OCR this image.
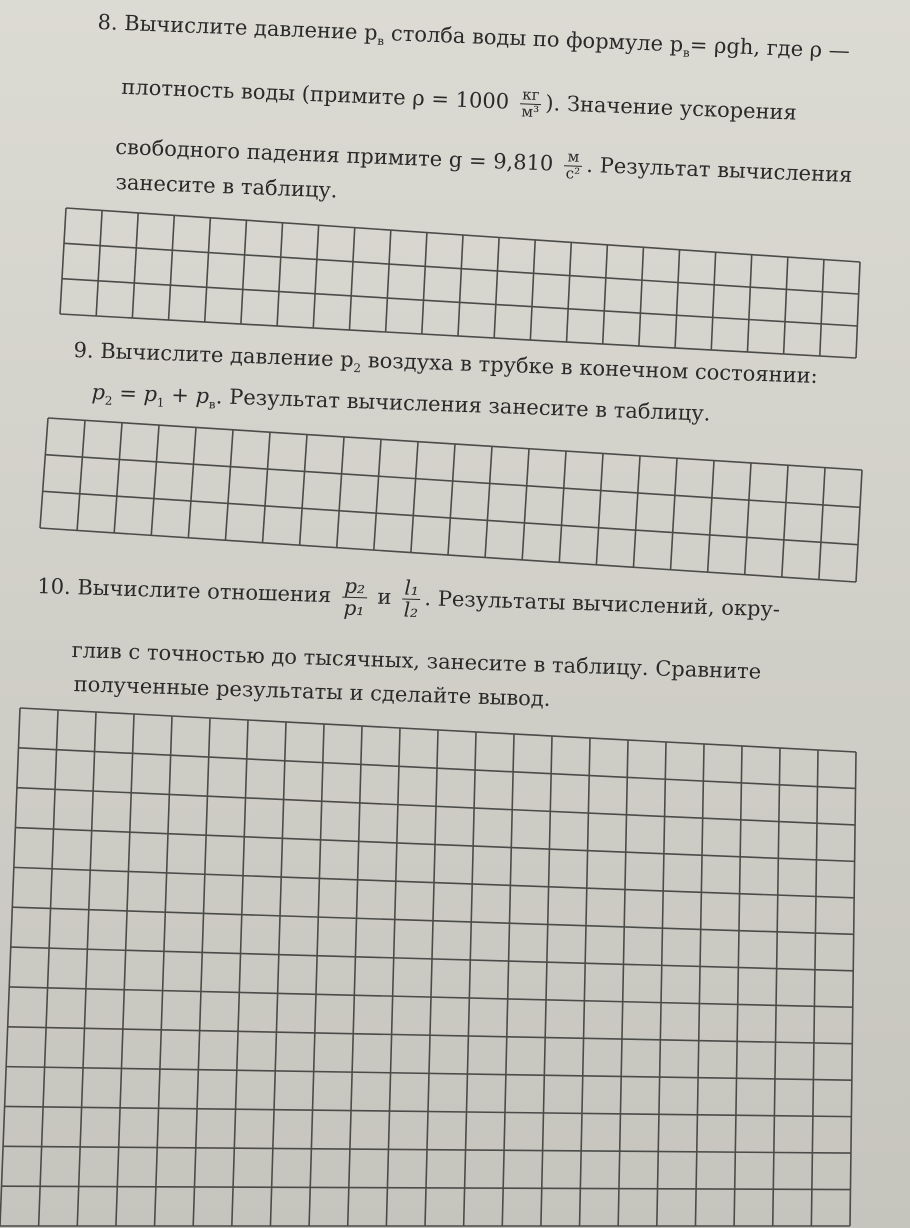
8. Вычислите давление $p_в$ столба воды по формуле $p_в= \rho gh$, где ρ —
плотность воды (примите $\rho = 1000 \frac{кг}{\text{м³}}$ ). Значение ускорения
свободного падения примите $g = 9,810 \frac{м}{\text{с²}}$ . Результат вычисления
занесите в таблицу.
9. Вычислите давление $p_2$ воздуха в трубке в конечном состоянии:
$p_2 = p_1 + p_в$. Результат вычисления занесите в таблицу.
10. Вычислите отношения $\frac{\text{p₂}}{\text{p₁}}$ и $\frac{\text{l₁}}{\text{l₂}}$ . Результаты вычислений, окру-
глив с точностью до тысячных, занесите в таблицу. Сравните
полученные результаты и сделайте вывод.
